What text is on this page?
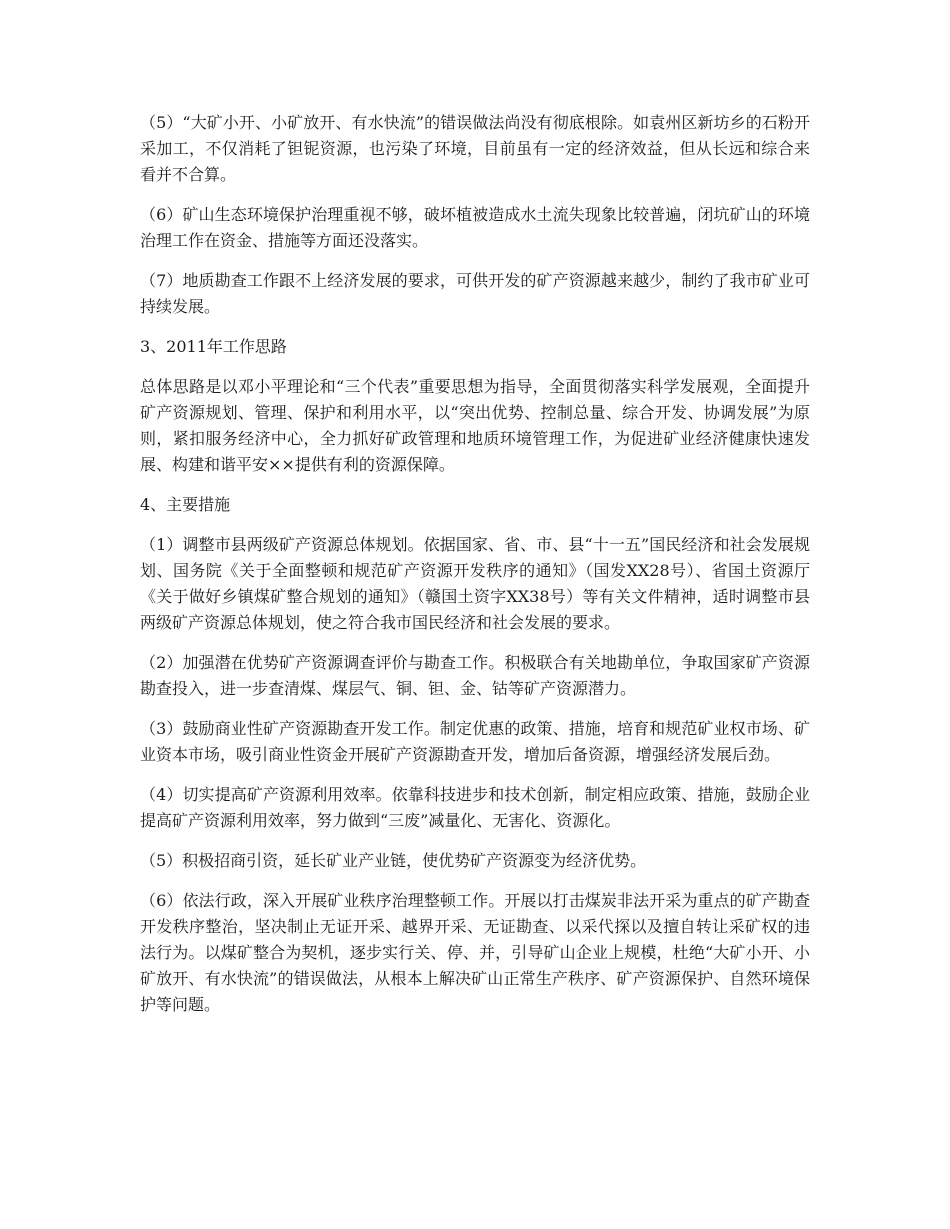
（5）“大矿小开、小矿放开、有水快流”的错误做法尚没有彻底根除。如袁州区新坊乡的石粉开采加工，不仅消耗了钽铌资源，也污染了环境，目前虽有一定的经济效益，但从长远和综合来看并不合算。

（6）矿山生态环境保护治理重视不够，破坏植被造成水土流失现象比较普遍，闭坑矿山的环境治理工作在资金、措施等方面还没落实。

（7）地质勘查工作跟不上经济发展的要求，可供开发的矿产资源越来越少，制约了我市矿业可持续发展。

3、2011年工作思路

总体思路是以邓小平理论和“三个代表”重要思想为指导，全面贯彻落实科学发展观，全面提升矿产资源规划、管理、保护和利用水平，以“突出优势、控制总量、综合开发、协调发展”为原则，紧扣服务经济中心，全力抓好矿政管理和地质环境管理工作，为促进矿业经济健康快速发展、构建和谐平安××提供有利的资源保障。

4、主要措施

（1）调整市县两级矿产资源总体规划。依据国家、省、市、县“十一五”国民经济和社会发展规划、国务院《关于全面整顿和规范矿产资源开发秩序的通知》（国发XX28号）、省国土资源厅《关于做好乡镇煤矿整合规划的通知》（赣国土资字XX38号）等有关文件精神，适时调整市县两级矿产资源总体规划，使之符合我市国民经济和社会发展的要求。

（2）加强潜在优势矿产资源调查评价与勘查工作。积极联合有关地勘单位，争取国家矿产资源勘查投入，进一步查清煤、煤层气、铜、钽、金、钴等矿产资源潜力。

（3）鼓励商业性矿产资源勘查开发工作。制定优惠的政策、措施，培育和规范矿业权市场、矿业资本市场，吸引商业性资金开展矿产资源勘查开发，增加后备资源，增强经济发展后劲。

（4）切实提高矿产资源利用效率。依靠科技进步和技术创新，制定相应政策、措施，鼓励企业提高矿产资源利用效率，努力做到“三废”减量化、无害化、资源化。

（5）积极招商引资，延长矿业产业链，使优势矿产资源变为经济优势。

（6）依法行政，深入开展矿业秩序治理整顿工作。开展以打击煤炭非法开采为重点的矿产勘查开发秩序整治，坚决制止无证开采、越界开采、无证勘查、以采代探以及擅自转让采矿权的违法行为。以煤矿整合为契机，逐步实行关、停、并，引导矿山企业上规模，杜绝“大矿小开、小矿放开、有水快流”的错误做法，从根本上解决矿山正常生产秩序、矿产资源保护、自然环境保护等问题。
